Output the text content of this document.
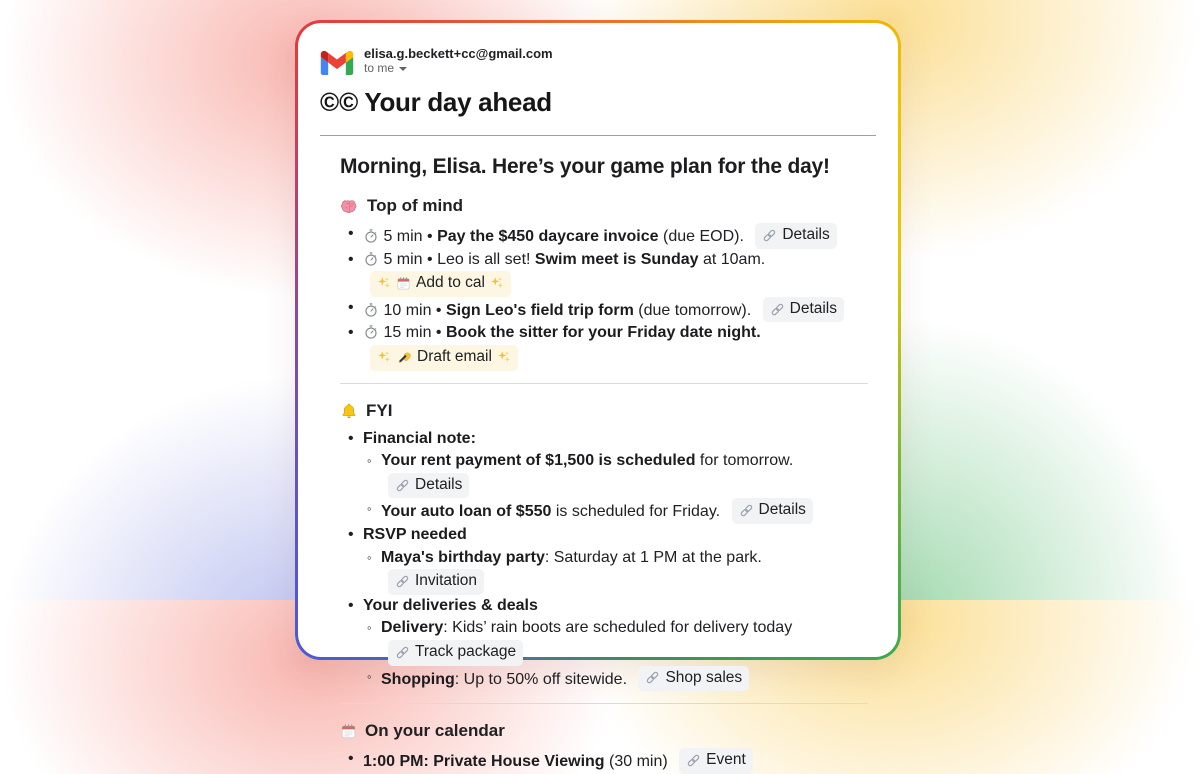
elisa.g.beckett+cc@gmail.com
to me
©© Your day ahead
Morning, Elisa. Here’s your game plan for the day!
Top of mind
• 5 min • Pay the $450 daycare invoice (due EOD). Details
• 5 min • Leo is all set! Swim meet is Sunday at 10am.
Add to cal
• 10 min • Sign Leo's field trip form (due tomorrow). Details
• 15 min • Book the sitter for your Friday date night.
Draft email
FYI
• Financial note:
◦ Your rent payment of $1,500 is scheduled for tomorrow.
Details
◦ Your auto loan of $550 is scheduled for Friday. Details
• RSVP needed
◦ Maya's birthday party: Saturday at 1 PM at the park.
Invitation
• Your deliveries & deals
◦ Delivery: Kids’ rain boots are scheduled for delivery today
Track package
◦ Shopping: Up to 50% off sitewide. Shop sales
On your calendar
• 1:00 PM: Private House Viewing (30 min) Event
